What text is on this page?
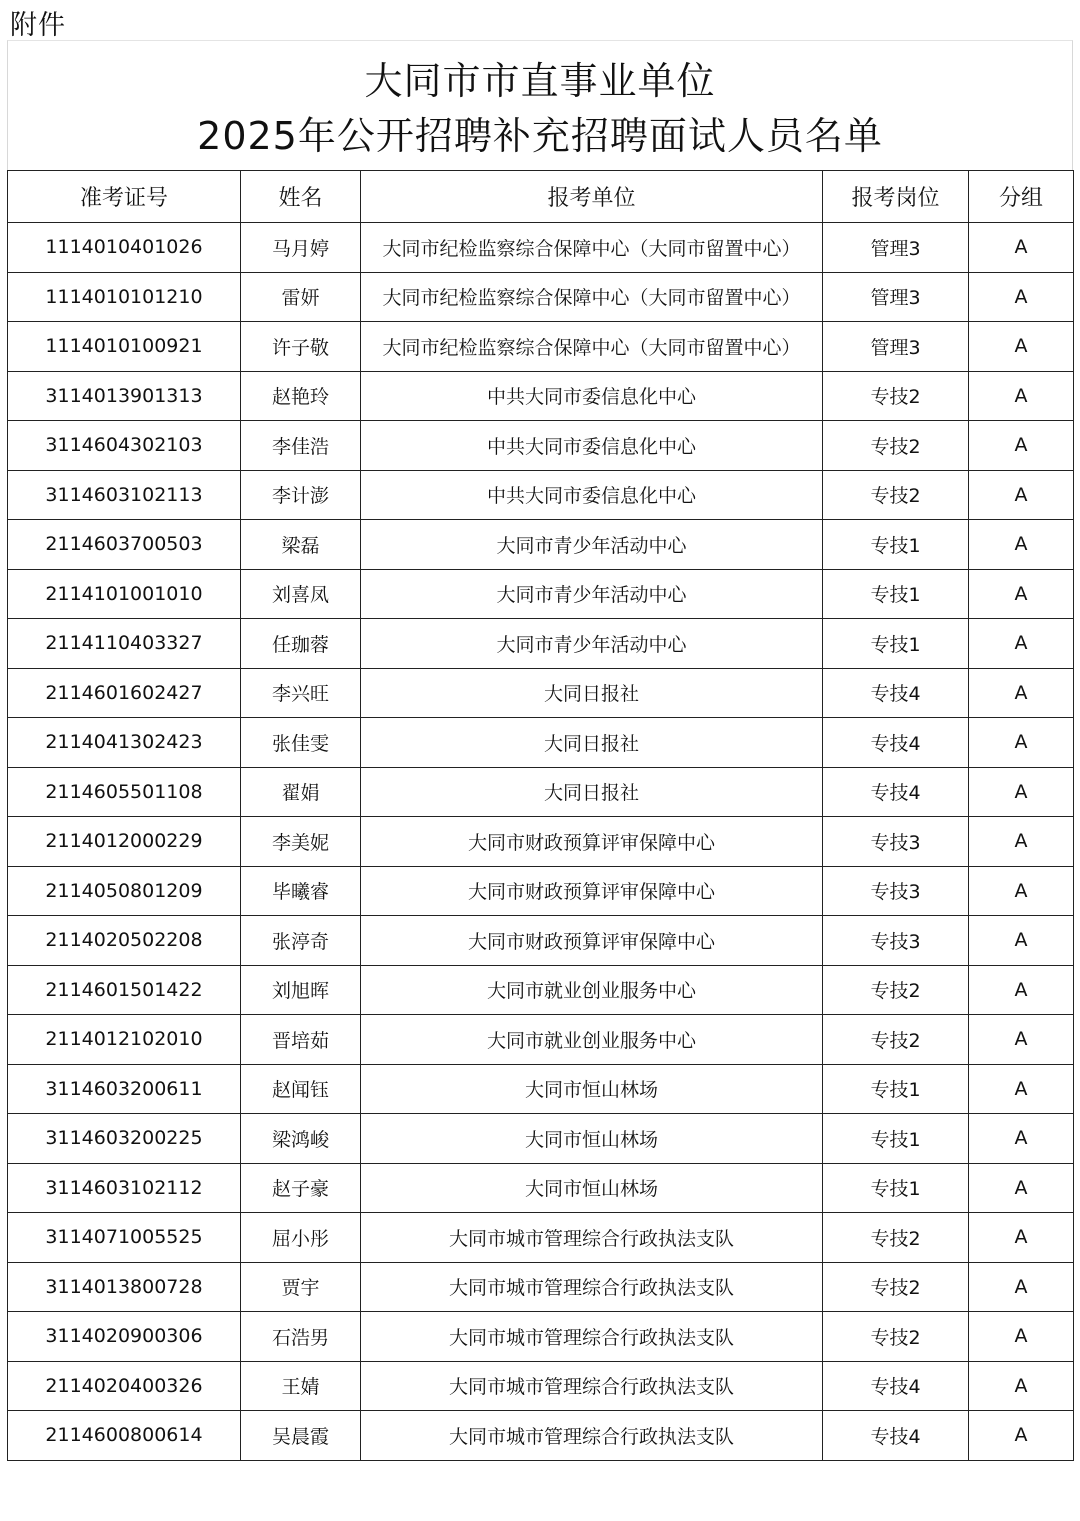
附件
大同市市直事业单位
2025年公开招聘补充招聘面试人员名单
准考证号	姓名	报考单位	报考岗位	分组
1114010401026	马月婷	大同市纪检监察综合保障中心（大同市留置中心）	管理3	A
1114010101210	雷妍	大同市纪检监察综合保障中心（大同市留置中心）	管理3	A
1114010100921	许子敬	大同市纪检监察综合保障中心（大同市留置中心）	管理3	A
3114013901313	赵艳玲	中共大同市委信息化中心	专技2	A
3114604302103	李佳浩	中共大同市委信息化中心	专技2	A
3114603102113	李计澎	中共大同市委信息化中心	专技2	A
2114603700503	梁磊	大同市青少年活动中心	专技1	A
2114101001010	刘喜凤	大同市青少年活动中心	专技1	A
2114110403327	任珈蓉	大同市青少年活动中心	专技1	A
2114601602427	李兴旺	大同日报社	专技4	A
2114041302423	张佳雯	大同日报社	专技4	A
2114605501108	翟娟	大同日报社	专技4	A
2114012000229	李美妮	大同市财政预算评审保障中心	专技3	A
2114050801209	毕曦睿	大同市财政预算评审保障中心	专技3	A
2114020502208	张渟奇	大同市财政预算评审保障中心	专技3	A
2114601501422	刘旭晖	大同市就业创业服务中心	专技2	A
2114012102010	晋培茹	大同市就业创业服务中心	专技2	A
3114603200611	赵闻钰	大同市恒山林场	专技1	A
3114603200225	梁鸿峻	大同市恒山林场	专技1	A
3114603102112	赵子豪	大同市恒山林场	专技1	A
3114071005525	屈小彤	大同市城市管理综合行政执法支队	专技2	A
3114013800728	贾宇	大同市城市管理综合行政执法支队	专技2	A
3114020900306	石浩男	大同市城市管理综合行政执法支队	专技2	A
2114020400326	王婧	大同市城市管理综合行政执法支队	专技4	A
2114600800614	吴晨霞	大同市城市管理综合行政执法支队	专技4	A
